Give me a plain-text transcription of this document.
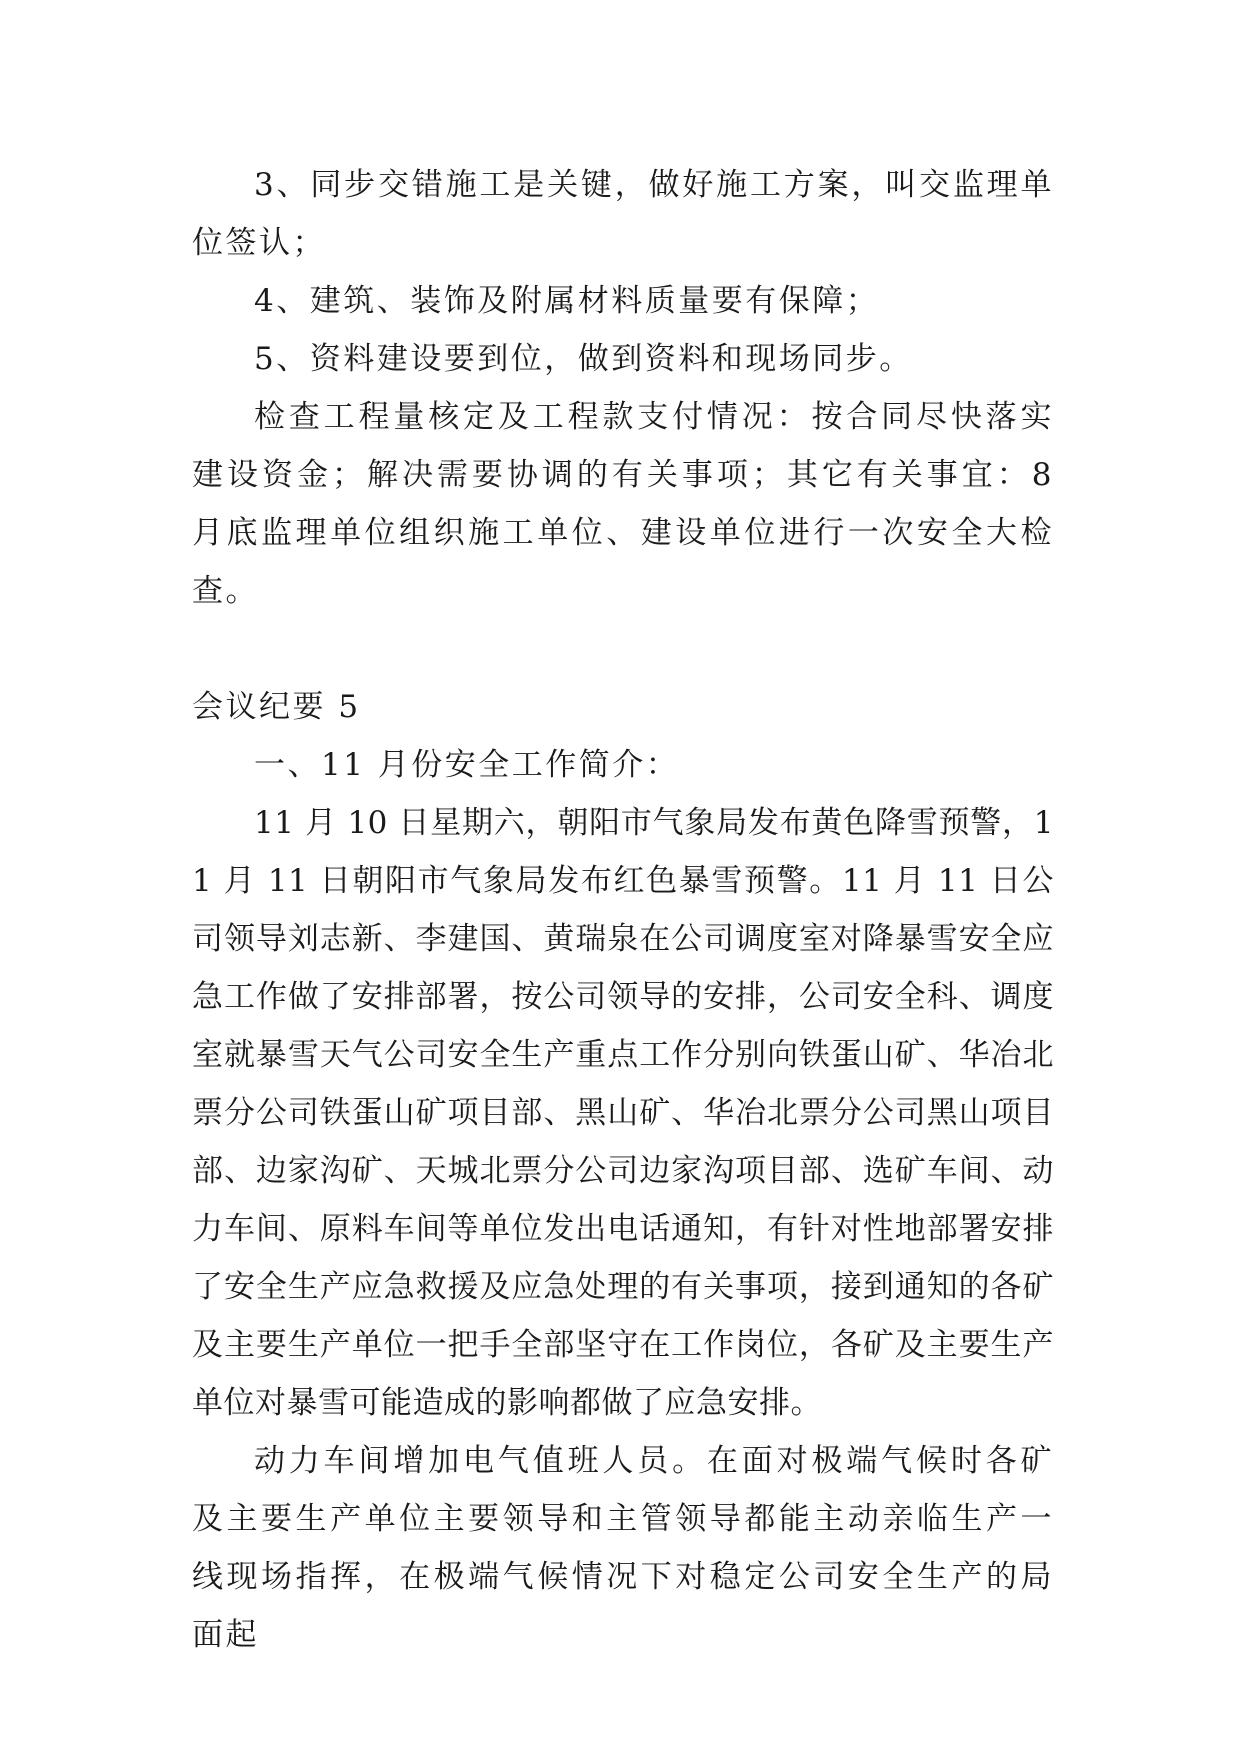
3、同步交错施工是关键，做好施工方案，叫交监理单位签认；

4、建筑、装饰及附属材料质量要有保障；

5、资料建设要到位，做到资料和现场同步。

检查工程量核定及工程款支付情况：按合同尽快落实建设资金；解决需要协调的有关事项；其它有关事宜：8 月底监理单位组织施工单位、建设单位进行一次安全大检查。

会议纪要 5

一、11 月份安全工作简介：

11 月 10 日星期六，朝阳市气象局发布黄色降雪预警，11 月 11 日朝阳市气象局发布红色暴雪预警。11 月 11 日公司领导刘志新、李建国、黄瑞泉在公司调度室对降暴雪安全应急工作做了安排部署，按公司领导的安排，公司安全科、调度室就暴雪天气公司安全生产重点工作分别向铁蛋山矿、华冶北票分公司铁蛋山矿项目部、黑山矿、华冶北票分公司黑山项目部、边家沟矿、天城北票分公司边家沟项目部、选矿车间、动力车间、原料车间等单位发出电话通知，有针对性地部署安排了安全生产应急救援及应急处理的有关事项，接到通知的各矿及主要生产单位一把手全部坚守在工作岗位，各矿及主要生产单位对暴雪可能造成的影响都做了应急安排。

动力车间增加电气值班人员。在面对极端气候时各矿及主要生产单位主要领导和主管领导都能主动亲临生产一线现场指挥，在极端气候情况下对稳定公司安全生产的局面起
